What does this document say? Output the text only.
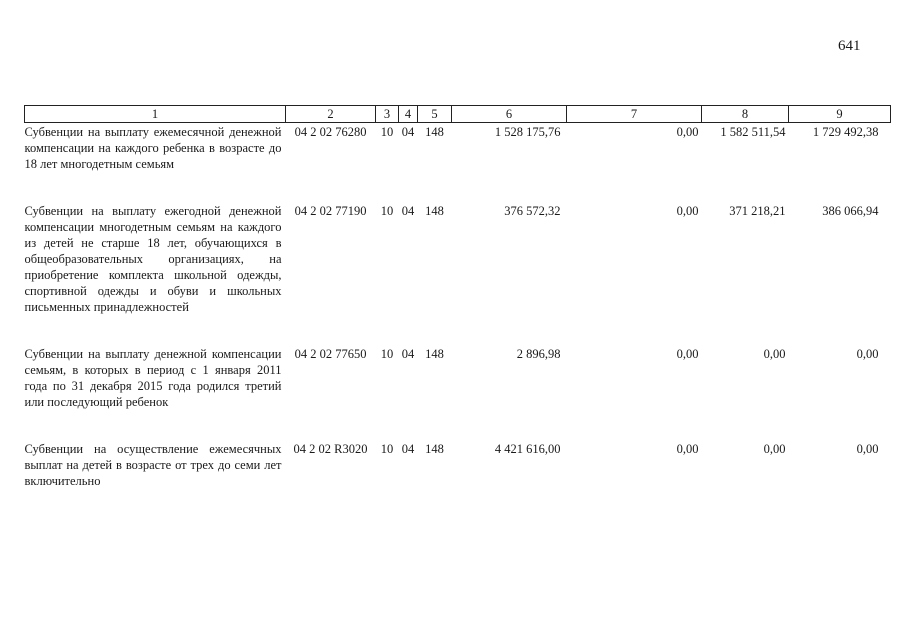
641
1	2	3	4	5	6	7	8	9
Субвенции на выплату ежемесячной денежной компенсации на каждого ребенка в возрасте до 18 лет многодетным семьям	04 2 02 76280	10	04	148	1 528 175,76	0,00	1 582 511,54	1 729 492,38

Субвенции на выплату ежегодной денежной компенсации многодетным семьям на каждого из детей не старше 18 лет, обучающихся в общеобразовательных организациях, на приобретение комплекта школьной одежды, спортивной одежды и обуви и школьных письменных принадлежностей	04 2 02 77190	10	04	148	376 572,32	0,00	371 218,21	386 066,94

Субвенции на выплату денежной компенсации семьям, в которых в период с 1 января 2011 года по 31 декабря 2015 года родился третий или последующий ребенок	04 2 02 77650	10	04	148	2 896,98	0,00	0,00	0,00

Субвенции на осуществление ежемесячных выплат на детей в возрасте от трех до семи лет включительно	04 2 02 R3020	10	04	148	4 421 616,00	0,00	0,00	0,00
